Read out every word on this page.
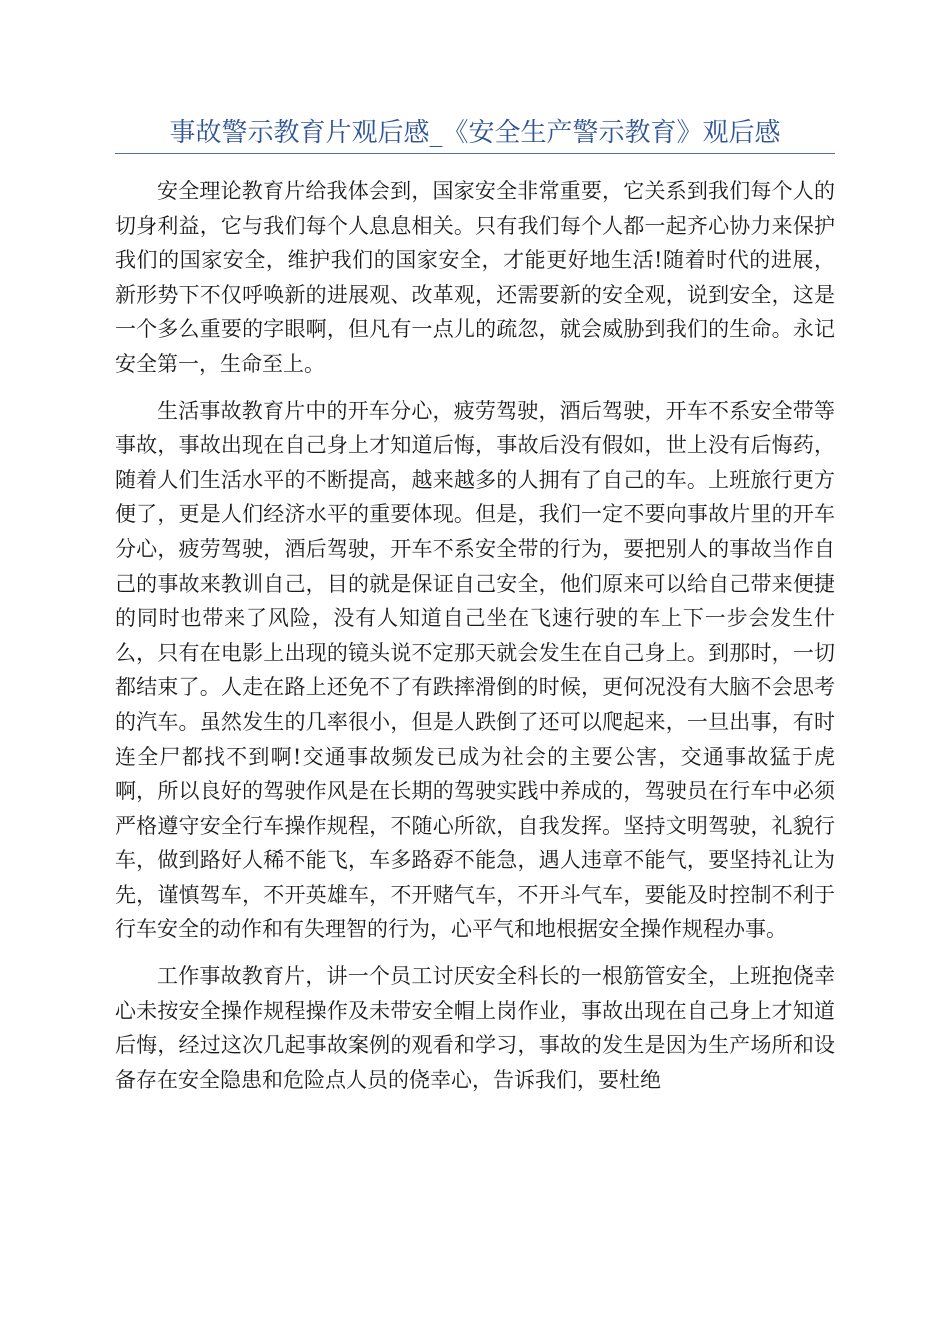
事故警示教育片观后感_《安全生产警示教育》观后感

安全理论教育片给我体会到，国家安全非常重要，它关系到我们每个人的切身利益，它与我们每个人息息相关。只有我们每个人都一起齐心协力来保护我们的国家安全，维护我们的国家安全，才能更好地生活!随着时代的进展，新形势下不仅呼唤新的进展观、改革观，还需要新的安全观，说到安全，这是一个多么重要的字眼啊，但凡有一点儿的疏忽，就会威胁到我们的生命。永记安全第一，生命至上。

生活事故教育片中的开车分心，疲劳驾驶，酒后驾驶，开车不系安全带等事故，事故出现在自己身上才知道后悔，事故后没有假如，世上没有后悔药，随着人们生活水平的不断提高，越来越多的人拥有了自己的车。上班旅行更方便了，更是人们经济水平的重要体现。但是，我们一定不要向事故片里的开车分心，疲劳驾驶，酒后驾驶，开车不系安全带的行为，要把别人的事故当作自己的事故来教训自己，目的就是保证自己安全，他们原来可以给自己带来便捷的同时也带来了风险，没有人知道自己坐在飞速行驶的车上下一步会发生什么，只有在电影上出现的镜头说不定那天就会发生在自己身上。到那时，一切都结束了。人走在路上还免不了有跌摔滑倒的时候，更何况没有大脑不会思考的汽车。虽然发生的几率很小，但是人跌倒了还可以爬起来，一旦出事，有时连全尸都找不到啊!交通事故频发已成为社会的主要公害，交通事故猛于虎啊，所以良好的驾驶作风是在长期的驾驶实践中养成的，驾驶员在行车中必须严格遵守安全行车操作规程，不随心所欲，自我发挥。坚持文明驾驶，礼貌行车，做到路好人稀不能飞，车多路孬不能急，遇人违章不能气，要坚持礼让为先，谨慎驾车，不开英雄车，不开赌气车，不开斗气车，要能及时控制不利于行车安全的动作和有失理智的行为，心平气和地根据安全操作规程办事。

工作事故教育片，讲一个员工讨厌安全科长的一根筋管安全，上班抱侥幸心未按安全操作规程操作及未带安全帽上岗作业，事故出现在自己身上才知道后悔，经过这次几起事故案例的观看和学习，事故的发生是因为生产场所和设备存在安全隐患和危险点人员的侥幸心，告诉我们，要杜绝
